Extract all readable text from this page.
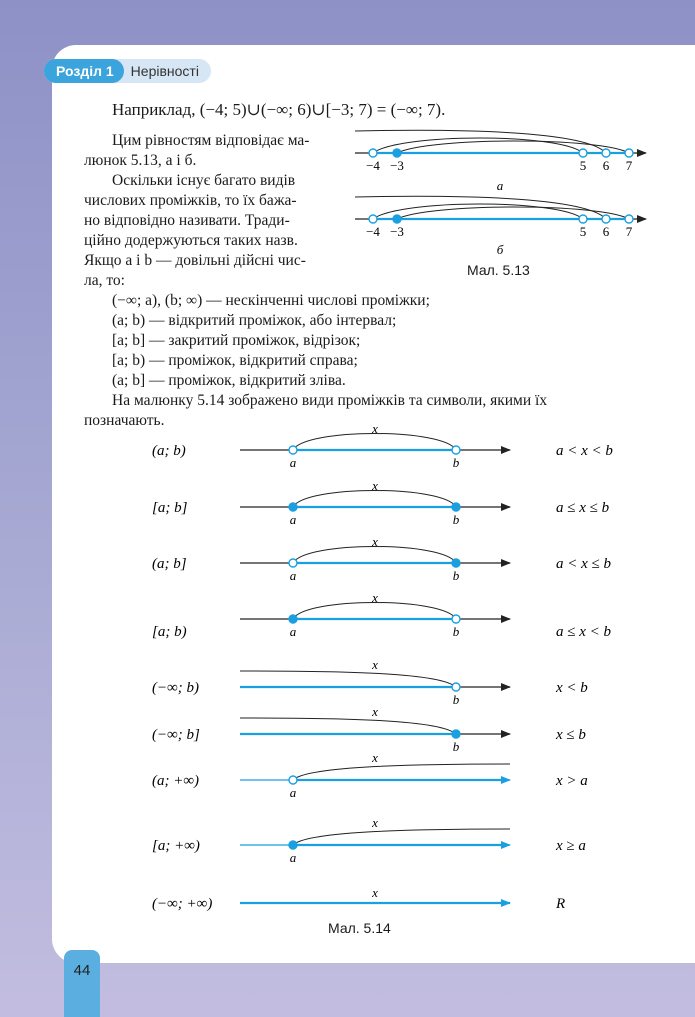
Розділ 1	Нерівності
Наприклад, (−4; 5)∪(−∞; 6)∪[−3; 7) = (−∞; 7).
Цим рівностям відповідає ма-
люнок 5.13, а і б.
Оскільки існує багато видів
числових проміжків, то їх бажа-
но відповідно називати. Тради-
ційно додержуються таких назв.
Якщо a і b — довільні дійсні чис-
ла, то:
(−∞; a), (b; ∞) — нескінченні числові проміжки;
(a; b) — відкритий проміжок, або інтервал;
[a; b] — закритий проміжок, відрізок;
[a; b) — проміжок, відкритий справа;
(a; b] — проміжок, відкритий зліва.
На малюнку 5.14 зображено види проміжків та символи, якими їх
позначають.
Мал. 5.13
Мал. 5.14
44
−4 −3	5 6 7
а
−4 −3	5 6 7
б
(a; b)
x
a	b
a < x < b
[a; b]
x
a	b
a ≤ x ≤ b
(a; b]
x
a	b
a < x ≤ b
[a; b)
x
a	b	a ≤ x < b
(−∞; b)
x
b
x < b
(−∞; b]
x
b
x ≤ b
(a; +∞)
x
a
x > a
[a; +∞)
x
a
x ≥ a
(−∞; +∞)
x
R
